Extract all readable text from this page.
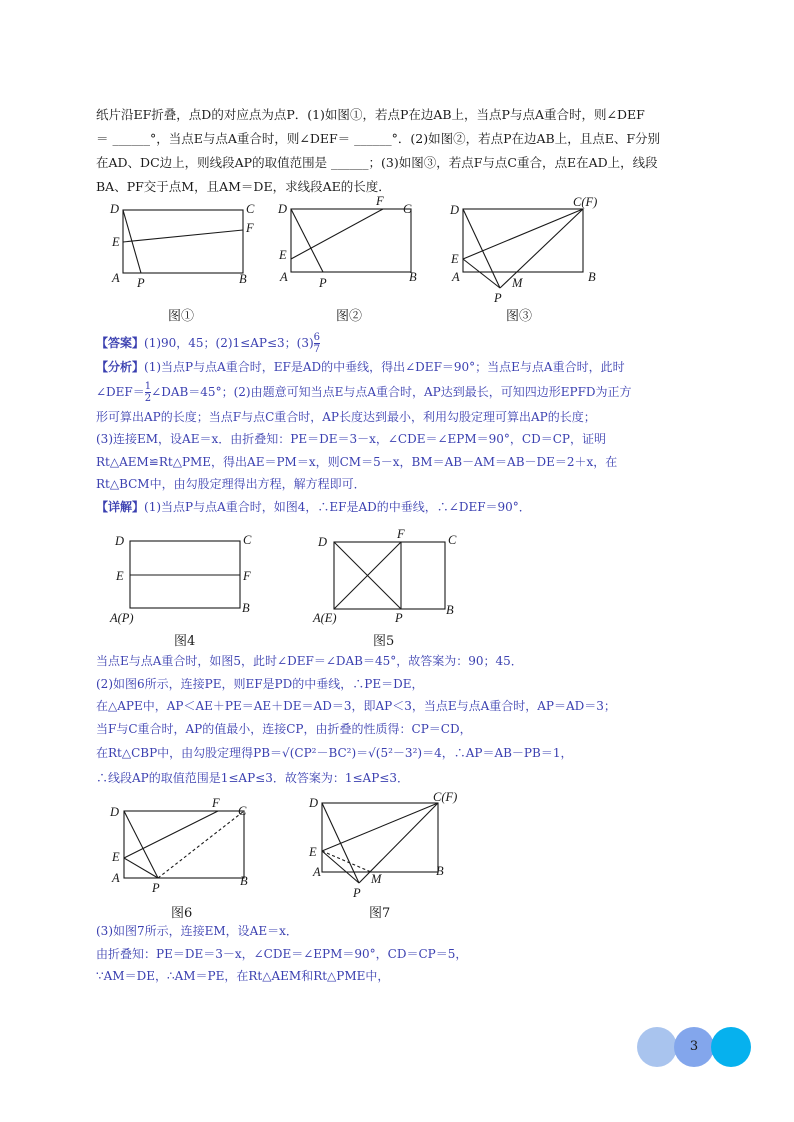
纸片沿EF折叠，点D的对应点为点P．(1)如图①，若点P在边AB上，当点P与点A重合时，则∠DEF

＝ ______°，当点E与点A重合时，则∠DEF＝ ______°．(2)如图②，若点P在边AB上，且点E、F分别

在AD、DC边上，则线段AP的取值范围是 ______；(3)如图③，若点F与点C重合，点E在AD上，线段

BA、PF交于点M，且AM＝DE，求线段AE的长度．

D	C
E
F
A P	B
图①
D
F
C
E
A	P	B
图②
D
C(F)
E
A	M	B
P
图③

【答案】(1)90，45；(2)1≤AP≤3；$(3) \frac{6}{7}$

【分析】(1)当点P与点A重合时，EF是AD的中垂线，得出∠DEF＝90°；当点E与点A重合时，此时

∠DEF＝ $\frac{1}{2}$ ∠DAB＝45°；(2)由题意可知当点E与点A重合时，AP达到最长，可知四边形EPFD为正方

形可算出AP的长度；当点F与点C重合时，AP长度达到最小，利用勾股定理可算出AP的长度；

(3)连接EM，设AE＝x．由折叠知：PE＝DE＝3－x，∠CDE＝∠EPM＝90°，CD＝CP，证明

Rt△AEM≌Rt△PME，得出AE＝PM＝x，则CM＝5－x，BM＝AB－AM＝AB－DE＝2＋x，在

Rt△BCM中，由勾股定理得出方程，解方程即可．

【详解】(1)当点P与点A重合时，如图4，∴EF是AD的中垂线，∴∠DEF＝90°．

D	C
E	F
A(P)
B
图4
D
F	C
A(E)	P
B
图5

当点E与点A重合时，如图5，此时∠DEF＝∠DAB＝45°，故答案为：90；45．

(2)如图6所示，连接PE，则EF是PD的中垂线，∴PE＝DE，

在△APE中，AP＜AE＋PE＝AE＋DE＝AD＝3，即AP＜3，当点E与点A重合时，AP＝AD＝3；

当F与C重合时，AP的值最小，连接CP，由折叠的性质得：CP＝CD，

在Rt△CBP中，由勾股定理得PB＝√(CP²－BC²)＝√(5²－3²)＝4，∴AP＝AB－PB＝1，

∴线段AP的取值范围是1≤AP≤3．故答案为：1≤AP≤3．

D
F
C
E
A
P	B
图6
D	C(F)
E
A	M
B
P
图7

(3)如图7所示，连接EM，设AE＝x．

由折叠知：PE＝DE＝3－x，∠CDE＝∠EPM＝90°，CD＝CP＝5，

∵AM＝DE，∴AM＝PE，在Rt△AEM和Rt△PME中，

3
